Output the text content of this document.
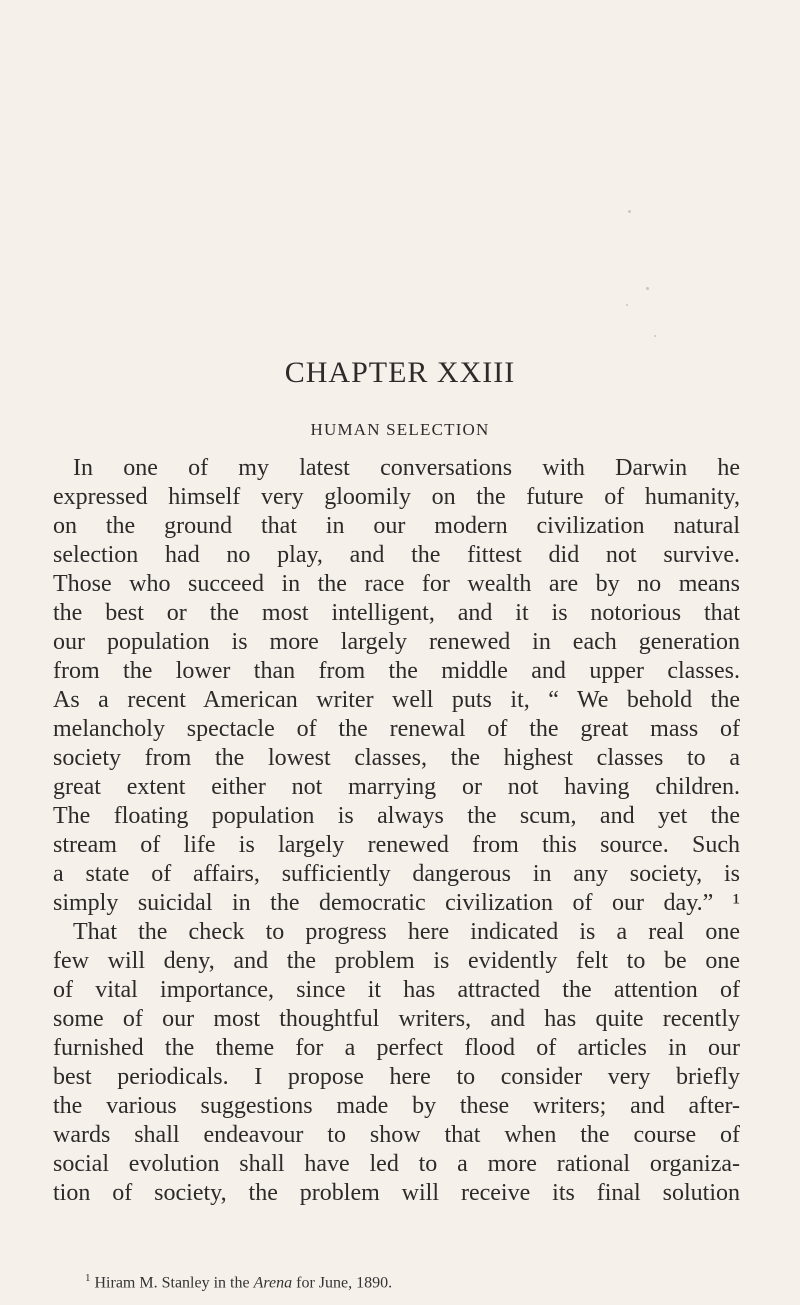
CHAPTER XXIII
HUMAN SELECTION
In one of my latest conversations with Darwin he
expressed himself very gloomily on the future of humanity,
on the ground that in our modern civilization natural
selection had no play, and the fittest did not survive.
Those who succeed in the race for wealth are by no means
the best or the most intelligent, and it is notorious that
our population is more largely renewed in each generation
from the lower than from the middle and upper classes.
As a recent American writer well puts it, “ We behold the
melancholy spectacle of the renewal of the great mass of
society from the lowest classes, the highest classes to a
great extent either not marrying or not having children.
The floating population is always the scum, and yet the
stream of life is largely renewed from this source. Such
a state of affairs, sufficiently dangerous in any society, is
simply suicidal in the democratic civilization of our day.” ¹
That the check to progress here indicated is a real one
few will deny, and the problem is evidently felt to be one
of vital importance, since it has attracted the attention of
some of our most thoughtful writers, and has quite recently
furnished the theme for a perfect flood of articles in our
best periodicals. I propose here to consider very briefly
the various suggestions made by these writers; and after-
wards shall endeavour to show that when the course of
social evolution shall have led to a more rational organiza-
tion of society, the problem will receive its final solution
$^1$ Hiram M. Stanley in the Arena for June, 1890.
